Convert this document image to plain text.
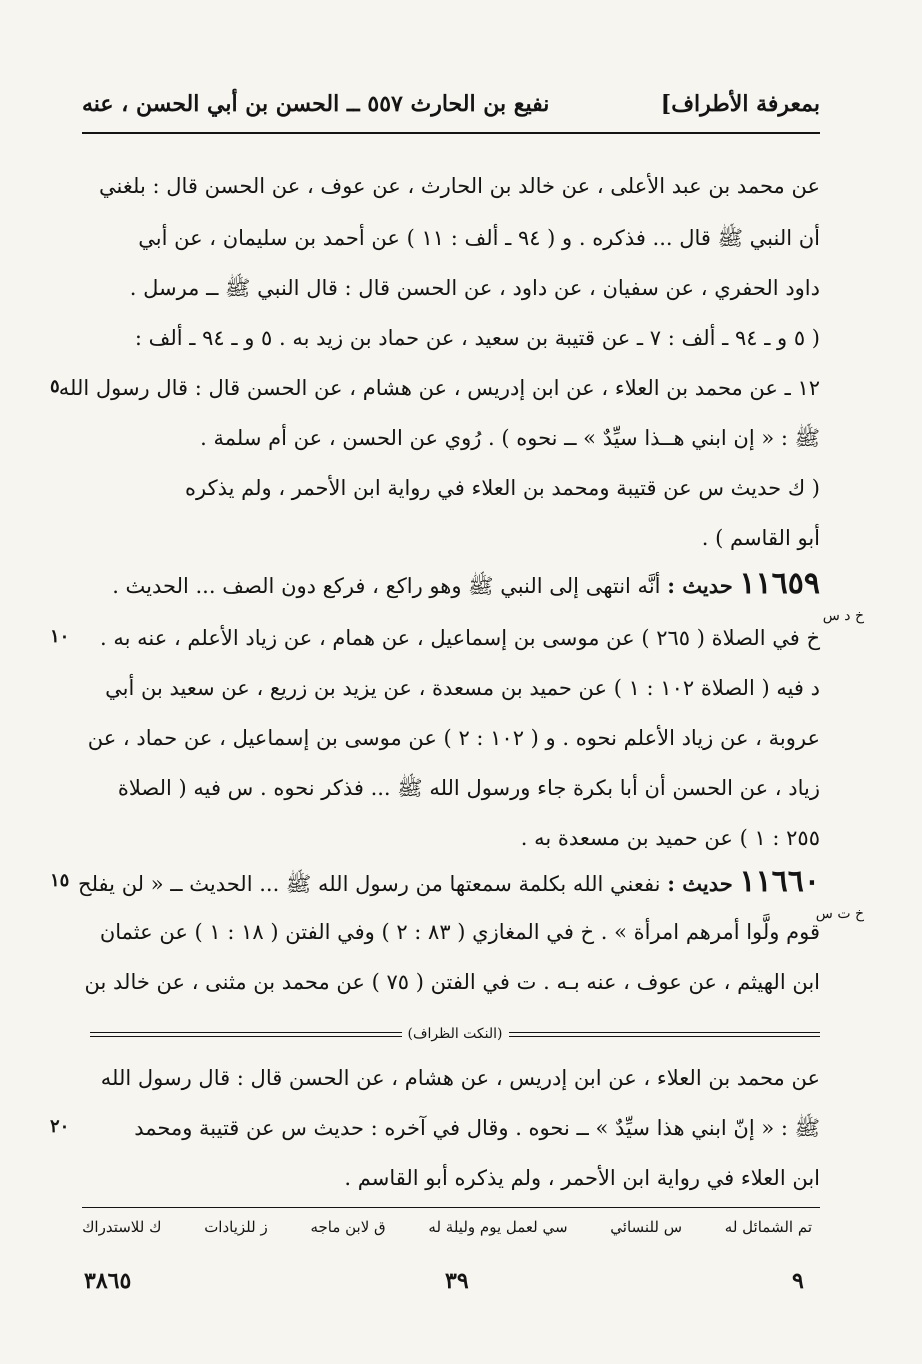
بمعرفة الأطراف]
نفيع بن الحارث ٥٥٧ ــ الحسن بن أبي الحسن ، عنه
عن محمد بن عبد الأعلى ، عن خالد بن الحارث ، عن عوف ، عن الحسن قال : بلغني
أن النبي ﷺ قال ... فذكره . و ( ٩٤ ـ ألف : ١١ ) عن أحمد بن سليمان ، عن أبي
داود الحفري ، عن سفيان ، عن داود ، عن الحسن قال : قال النبي ﷺ ــ مرسل .
( ٥ و ـ ٩٤ ـ ألف : ٧ ـ عن قتيبة بن سعيد ، عن حماد بن زيد به . ٥ و ـ ٩٤ ـ ألف :
١٢ ـ عن محمد بن العلاء ، عن ابن إدريس ، عن هشام ، عن الحسن قال : قال رسول الله
ﷺ : « إن ابني هــذا سيِّدٌ » ــ نحوه ) . رُوي عن الحسن ، عن أم سلمة .
( ك حديث س عن قتيبة ومحمد بن العلاء في رواية ابن الأحمر ، ولم يذكره
أبو القاسم ) .
خ في الصلاة ( ٢٦٥ ) عن موسى بن إسماعيل ، عن همام ، عن زياد الأعلم ، عنه به .
د فيه ( الصلاة ١٠٢ : ١ ) عن حميد بن مسعدة ، عن يزيد بن زريع ، عن سعيد بن أبي
عروبة ، عن زياد الأعلم نحوه . و ( ١٠٢ : ٢ ) عن موسى بن إسماعيل ، عن حماد ، عن
زياد ، عن الحسن أن أبا بكرة جاء ورسول الله ﷺ ... فذكر نحوه . س فيه ( الصلاة
٢٥٥ : ١ ) عن حميد بن مسعدة به .
قوم ولَّوا أمرهم امرأة » . خ في المغازي ( ٨٣ : ٢ ) وفي الفتن ( ١٨ : ١ ) عن عثمان
ابن الهيثم ، عن عوف ، عنه بـه . ت في الفتن ( ٧٥ ) عن محمد بن مثنى ، عن خالد بن
عن محمد بن العلاء ، عن ابن إدريس ، عن هشام ، عن الحسن قال : قال رسول الله
ﷺ : « إنّ ابني هذا سيِّدٌ » ــ نحوه . وقال في آخره : حديث س عن قتيبة ومحمد
ابن العلاء في رواية ابن الأحمر ، ولم يذكره أبو القاسم .
١١٦٥٩ حديث : أنَّه انتهى إلى النبي ﷺ وهو راكع ، فركع دون الصف ... الحديث .
خ د س
١١٦٦٠ حديث : نفعني الله بكلمة سمعتها من رسول الله ﷺ ... الحديث ــ « لن يفلح
خ ت س
٥
١٠
١٥
٢٠
(النكت الظراف)
تم الشمائل له
س للنسائي
سي لعمل يوم وليلة له
ق لابن ماجه
ز للزيادات
ك للاستدراك
٣٨٦٥	٣٩	٩
